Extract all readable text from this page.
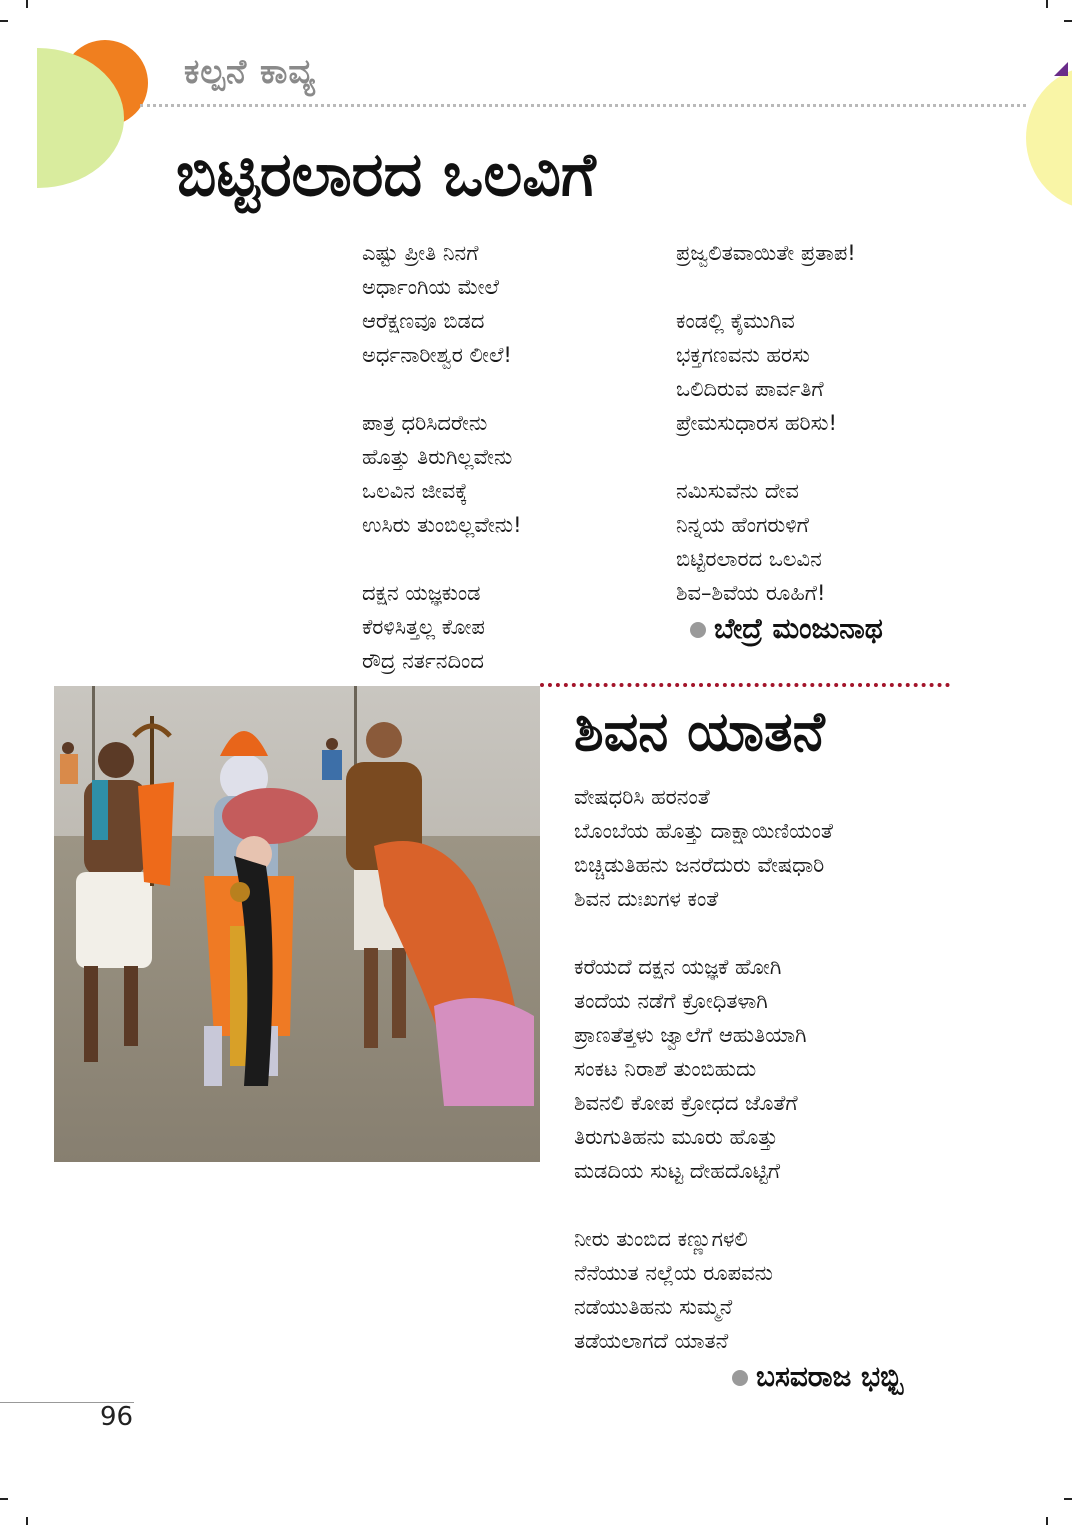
ಕಲ್ಪನೆ ಕಾವ್ಯ
ಬಿಟ್ಟಿರಲಾರದ ಒಲವಿಗೆ
ಎಷ್ಟು ಪ್ರೀತಿ ನಿನಗೆ
ಅರ್ಧಾಂಗಿಯ ಮೇಲೆ
ಆರೆಕ್ಷಣವೂ ಬಿಡದ
ಅರ್ಧನಾರೀಶ್ವರ ಲೀಲೆ!

ಪಾತ್ರ ಧರಿಸಿದರೇನು
ಹೊತ್ತು ತಿರುಗಿಲ್ಲವೇನು
ಒಲವಿನ ಜೀವಕ್ಕೆ
ಉಸಿರು ತುಂಬಿಲ್ಲವೇನು!

ದಕ್ಷನ ಯಜ್ಞಕುಂಡ
ಕೆರಳಿಸಿತ್ತಲ್ಲ ಕೋಪ
ರೌದ್ರ ನರ್ತನದಿಂದ
ಪ್ರಜ್ವಲಿತವಾಯಿತೇ ಪ್ರತಾಪ!

ಕಂಡಲ್ಲಿ ಕೈಮುಗಿವ
ಭಕ್ತಗಣವನು ಹರಸು
ಒಲಿದಿರುವ ಪಾರ್ವತಿಗೆ
ಪ್ರೇಮಸುಧಾರಸ ಹರಿಸು!

ನಮಿಸುವೆನು ದೇವ
ನಿನ್ನಯ ಹೆಂಗರುಳಿಗೆ
ಬಿಟ್ಟಿರಲಾರದ ಒಲವಿನ
ಶಿವ–ಶಿವೆಯ ರೂಹಿಗೆ!
ಬೇದ್ರೆ ಮಂಜುನಾಥ
ಶಿವನ ಯಾತನೆ
ವೇಷಧರಿಸಿ ಹರನಂತೆ
ಬೊಂಬೆಯ ಹೊತ್ತು ದಾಕ್ಷಾಯಿಣಿಯಂತೆ
ಬಿಚ್ಚಿಡುತಿಹನು ಜನರೆದುರು ವೇಷಧಾರಿ
ಶಿವನ ದುಃಖಗಳ ಕಂತೆ

ಕರೆಯದೆ ದಕ್ಷನ ಯಜ್ಞಕೆ ಹೋಗಿ
ತಂದೆಯ ನಡೆಗೆ ಕ್ರೋಧಿತಳಾಗಿ
ಪ್ರಾಣತೆತ್ತಳು ಜ್ವಾಲೆಗೆ ಆಹುತಿಯಾಗಿ
ಸಂಕಟ ನಿರಾಶೆ ತುಂಬಿಹುದು
ಶಿವನಲಿ ಕೋಪ ಕ್ರೋಧದ ಜೊತೆಗೆ
ತಿರುಗುತಿಹನು ಮೂರು ಹೊತ್ತು
ಮಡದಿಯ ಸುಟ್ಟ ದೇಹದೊಟ್ಟಿಗೆ

ನೀರು ತುಂಬಿದ ಕಣ್ಣುಗಳಲಿ
ನೆನೆಯುತ ನಲ್ಲೆಯ ರೂಪವನು
ನಡೆಯುತಿಹನು ಸುಮ್ಮನೆ
ತಡೆಯಲಾಗದೆ ಯಾತನೆ
ಬಸವರಾಜ ಭಭ್ಬಿ
96
